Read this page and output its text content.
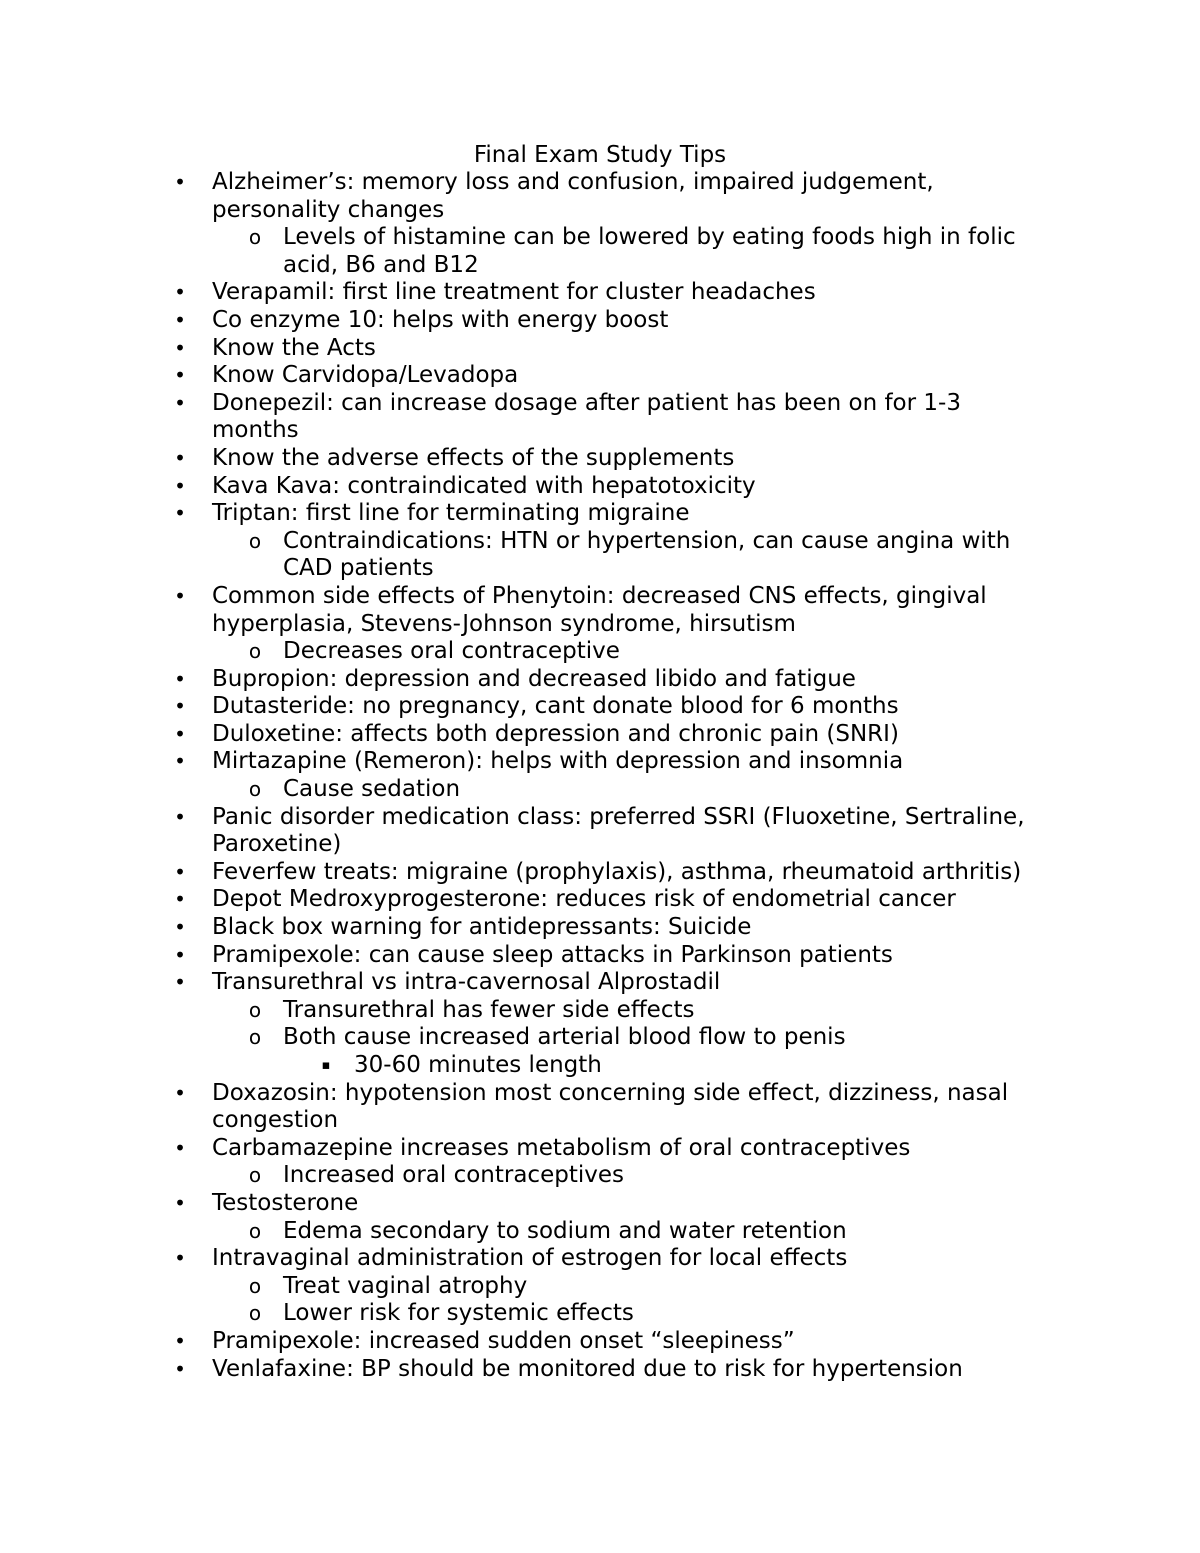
Final Exam Study Tips
• Alzheimer’s: memory loss and confusion, impaired judgement, personality changes
o Levels of histamine can be lowered by eating foods high in folic acid, B6 and B12
• Verapamil: first line treatment for cluster headaches
• Co enzyme 10: helps with energy boost
• Know the Acts
• Know Carvidopa/Levadopa
• Donepezil: can increase dosage after patient has been on for 1-3 months
• Know the adverse effects of the supplements
• Kava Kava: contraindicated with hepatotoxicity
• Triptan: first line for terminating migraine
o Contraindications: HTN or hypertension, can cause angina with CAD patients
• Common side effects of Phenytoin: decreased CNS effects, gingival hyperplasia, Stevens-Johnson syndrome, hirsutism
o Decreases oral contraceptive
• Bupropion: depression and decreased libido and fatigue
• Dutasteride: no pregnancy, cant donate blood for 6 months
• Duloxetine: affects both depression and chronic pain (SNRI)
• Mirtazapine (Remeron): helps with depression and insomnia
o Cause sedation
• Panic disorder medication class: preferred SSRI (Fluoxetine, Sertraline, Paroxetine)
• Feverfew treats: migraine (prophylaxis), asthma, rheumatoid arthritis)
• Depot Medroxyprogesterone: reduces risk of endometrial cancer
• Black box warning for antidepressants: Suicide
• Pramipexole: can cause sleep attacks in Parkinson patients
• Transurethral vs intra-cavernosal Alprostadil
o Transurethral has fewer side effects
o Both cause increased arterial blood flow to penis
▪ 30-60 minutes length
• Doxazosin: hypotension most concerning side effect, dizziness, nasal congestion
• Carbamazepine increases metabolism of oral contraceptives
o Increased oral contraceptives
• Testosterone
o Edema secondary to sodium and water retention
• Intravaginal administration of estrogen for local effects
o Treat vaginal atrophy
o Lower risk for systemic effects
• Pramipexole: increased sudden onset “sleepiness”
• Venlafaxine: BP should be monitored due to risk for hypertension
